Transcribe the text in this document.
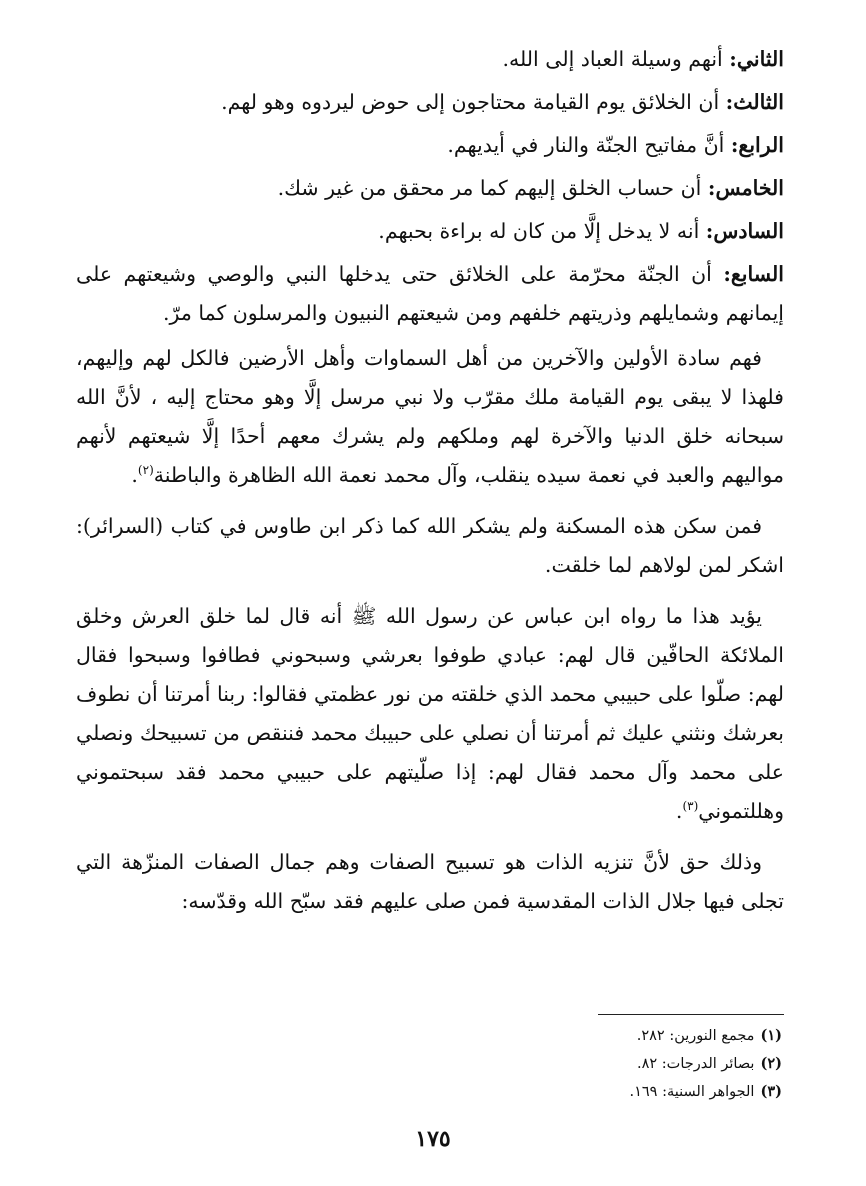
الثاني: أنهم وسيلة العباد إلى الله.
الثالث: أن الخلائق يوم القيامة محتاجون إلى حوض ليردوه وهو لهم.
الرابع: أنَّ مفاتيح الجنّة والنار في أيديهم.
الخامس: أن حساب الخلق إليهم كما مر محقق من غير شك.
السادس: أنه لا يدخل إلَّا من كان له براءة بحبهم.
السابع: أن الجنّة محرّمة على الخلائق حتى يدخلها النبي والوصي وشيعتهم على إيمانهم وشمايلهم وذريتهم خلفهم ومن شيعتهم النبيون والمرسلون كما مرّ.

فهم سادة الأولين والآخرين من أهل السماوات وأهل الأرضين فالكل لهم وإليهم، فلهذا لا يبقى يوم القيامة ملك مقرّب ولا نبي مرسل إلَّا وهو محتاج إليه ، لأنَّ الله سبحانه خلق الدنيا والآخرة لهم وملكهم ولم يشرك معهم أحدًا إلَّا شيعتهم لأنهم مواليهم والعبد في نعمة سيده ينقلب، وآل محمد نعمة الله الظاهرة والباطنة$^{(٢)}$.

فمن سكن هذه المسكنة ولم يشكر الله كما ذكر ابن طاوس في كتاب (السرائر): اشكر لمن لولاهم لما خلقت.

يؤيد هذا ما رواه ابن عباس عن رسول الله ﷺ أنه قال لما خلق العرش وخلق الملائكة الحافّين قال لهم: عبادي طوفوا بعرشي وسبحوني فطافوا وسبحوا فقال لهم: صلّوا على حبيبي محمد الذي خلقته من نور عظمتي فقالوا: ربنا أمرتنا أن نطوف بعرشك ونثني عليك ثم أمرتنا أن نصلي على حبيبك محمد فننقص من تسبيحك ونصلي على محمد وآل محمد فقال لهم: إذا صلّيتهم على حبيبي محمد فقد سبحتموني وهللتموني$^{(٣)}$.

وذلك حق لأنَّ تنزيه الذات هو تسبيح الصفات وهم جمال الصفات المنزّهة التي تجلى فيها جلال الذات المقدسية فمن صلى عليهم فقد سبّح الله وقدّسه:

(١)مجمع النورين: ٢٨٢.
(٢)بصائر الدرجات: ٨٢.
(٣)الجواهر السنية: ١٦٩.
١٧٥
